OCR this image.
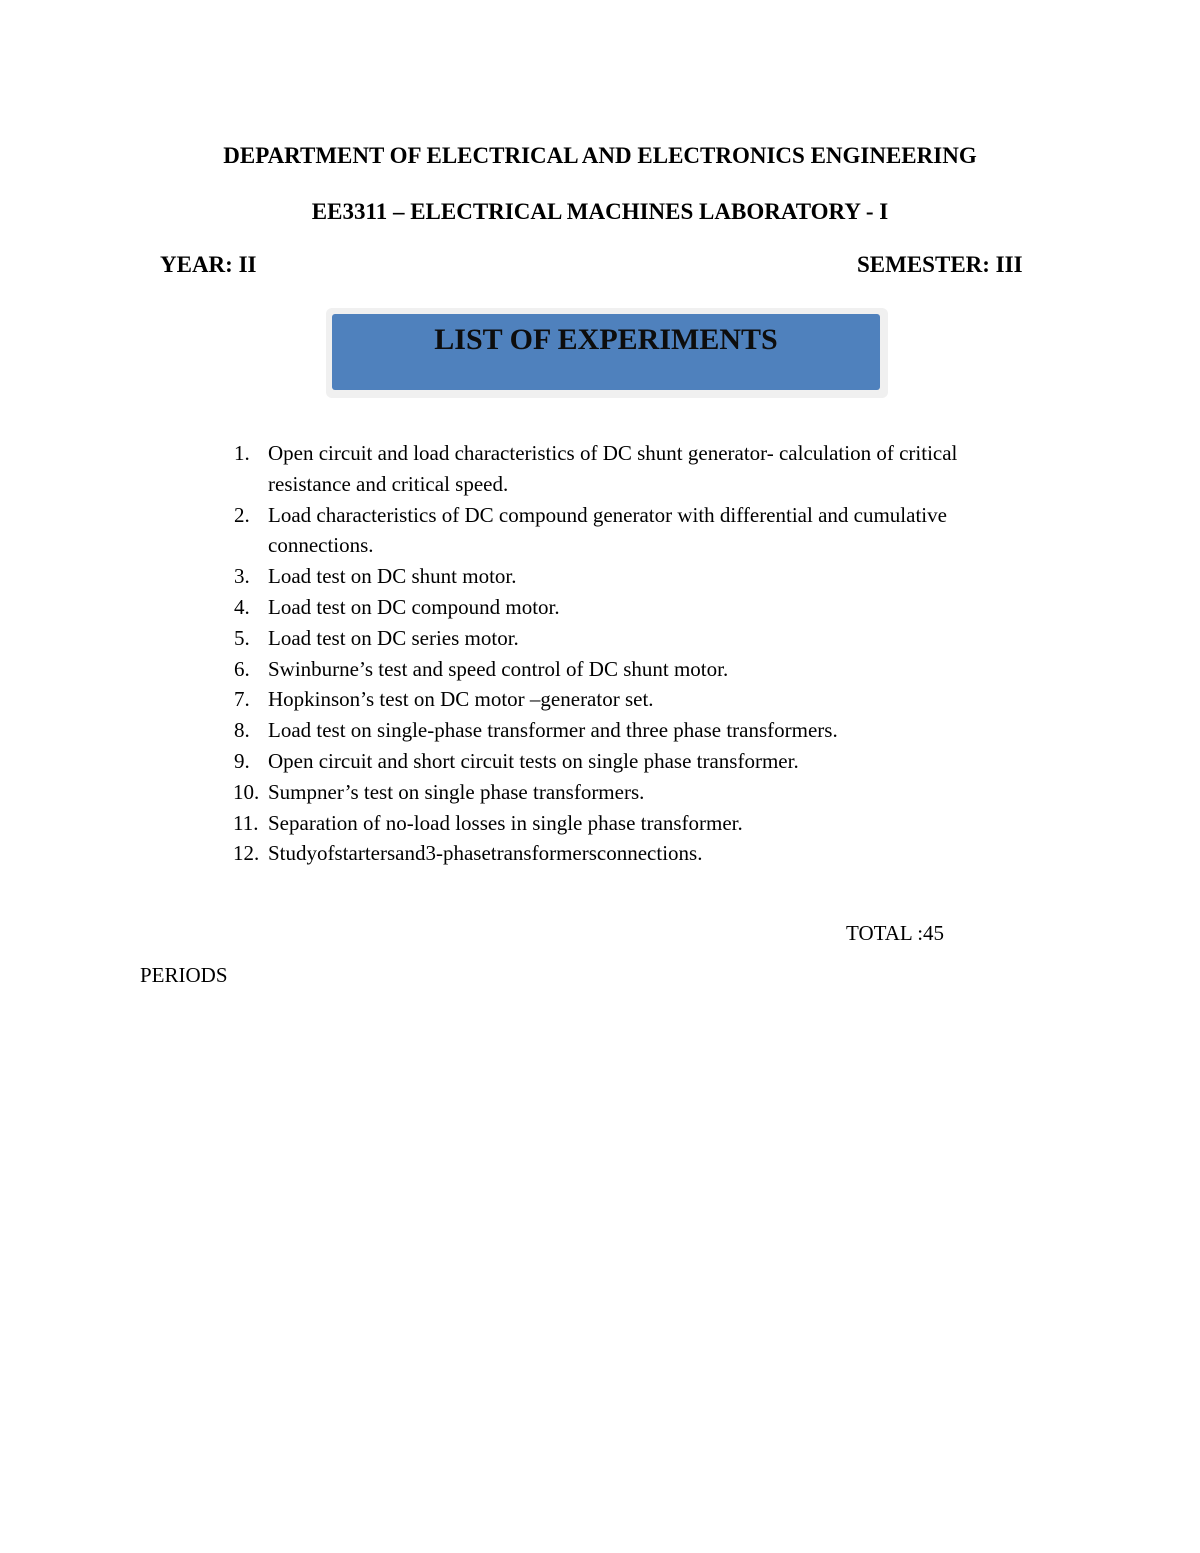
DEPARTMENT OF ELECTRICAL AND ELECTRONICS ENGINEERING
EE3311 – ELECTRICAL MACHINES LABORATORY - I
YEAR: II	SEMESTER: III
LIST OF EXPERIMENTS
1. Open circuit and load characteristics of DC shunt generator- calculation of critical resistance and critical speed.
2. Load characteristics of DC compound generator with differential and cumulative connections.
3. Load test on DC shunt motor.
4. Load test on DC compound motor.
5. Load test on DC series motor.
6. Swinburne’s test and speed control of DC shunt motor.
7. Hopkinson’s test on DC motor –generator set.
8. Load test on single-phase transformer and three phase transformers.
9. Open circuit and short circuit tests on single phase transformer.
10. Sumpner’s test on single phase transformers.
11. Separation of no-load losses in single phase transformer.
12. Studyofstartersand3-phasetransformersconnections.
TOTAL :45
PERIODS
